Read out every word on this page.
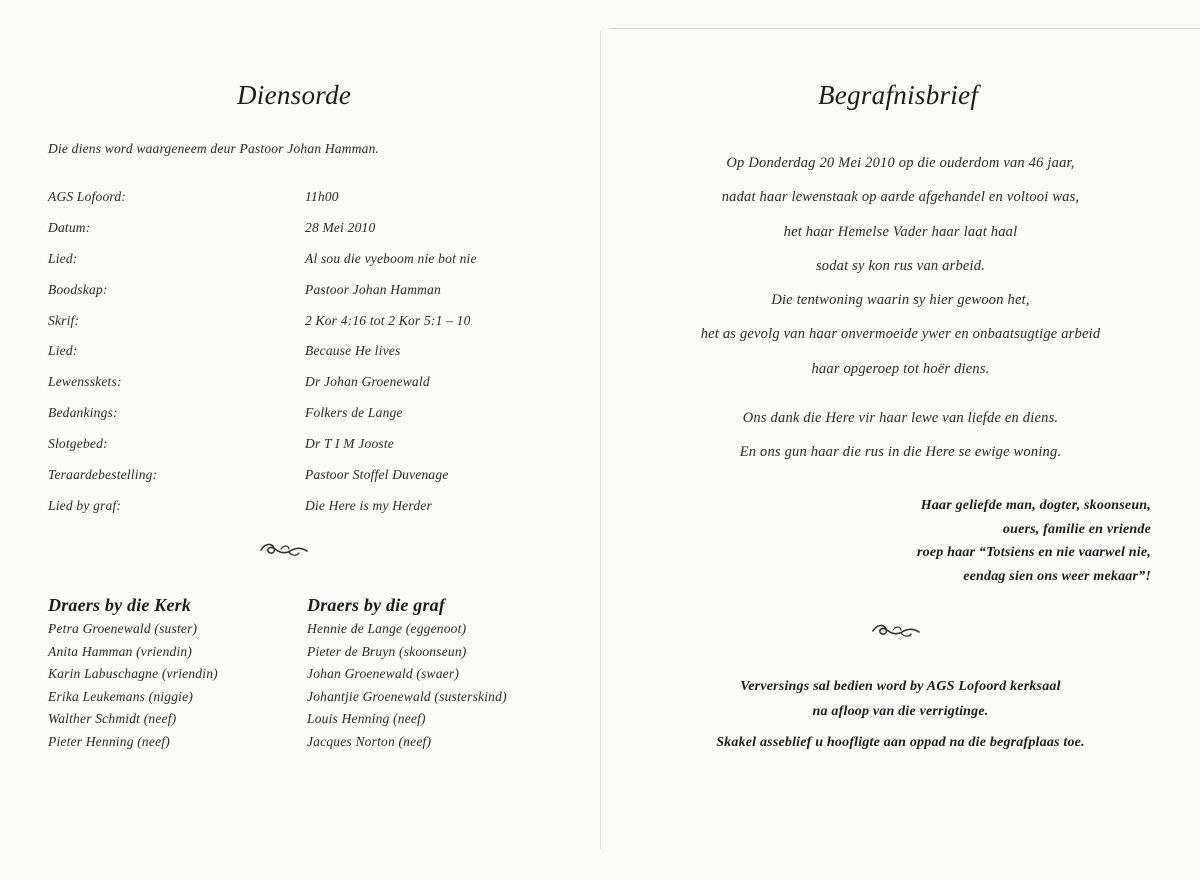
Diensorde
Die diens word waargeneem deur Pastoor Johan Hamman.
AGS Lofoord:	11h00
Datum:	28 Mei 2010
Lied:	Al sou die vyeboom nie bot nie
Boodskap:	Pastoor Johan Hamman
Skrif:	2 Kor 4:16 tot 2 Kor 5:1 – 10
Lied:	Because He lives
Lewensskets:	Dr Johan Groenewald
Bedankings:	Folkers de Lange
Slotgebed:	Dr T I M Jooste
Teraardebestelling:	Pastoor Stoffel Duvenage
Lied by graf:	Die Here is my Herder
Draers by die Kerk
Petra Groenewald (suster)
Anita Hamman (vriendin)
Karin Labuschagne (vriendin)
Erika Leukemans (niggie)
Walther Schmidt (neef)
Pieter Henning (neef)
Draers by die graf
Hennie de Lange (eggenoot)
Pieter de Bruyn (skoonseun)
Johan Groenewald (swaer)
Johantjie Groenewald (susterskind)
Louis Henning (neef)
Jacques Norton (neef)
Begrafnisbrief
Op Donderdag 20 Mei 2010 op die ouderdom van 46 jaar,
nadat haar lewenstaak op aarde afgehandel en voltooi was,
het haar Hemelse Vader haar laat haal
sodat sy kon rus van arbeid.
Die tentwoning waarin sy hier gewoon het,
het as gevolg van haar onvermoeide ywer en onbaatsugtige arbeid
haar opgeroep tot hoër diens.
Ons dank die Here vir haar lewe van liefde en diens.
En ons gun haar die rus in die Here se ewige woning.
Haar geliefde man, dogter, skoonseun,
ouers, familie en vriende
roep haar “Totsiens en nie vaarwel nie,
eendag sien ons weer mekaar”!
Verversings sal bedien word by AGS Lofoord kerksaal
na afloop van die verrigtinge.
Skakel asseblief u hoofligte aan oppad na die begrafplaas toe.
